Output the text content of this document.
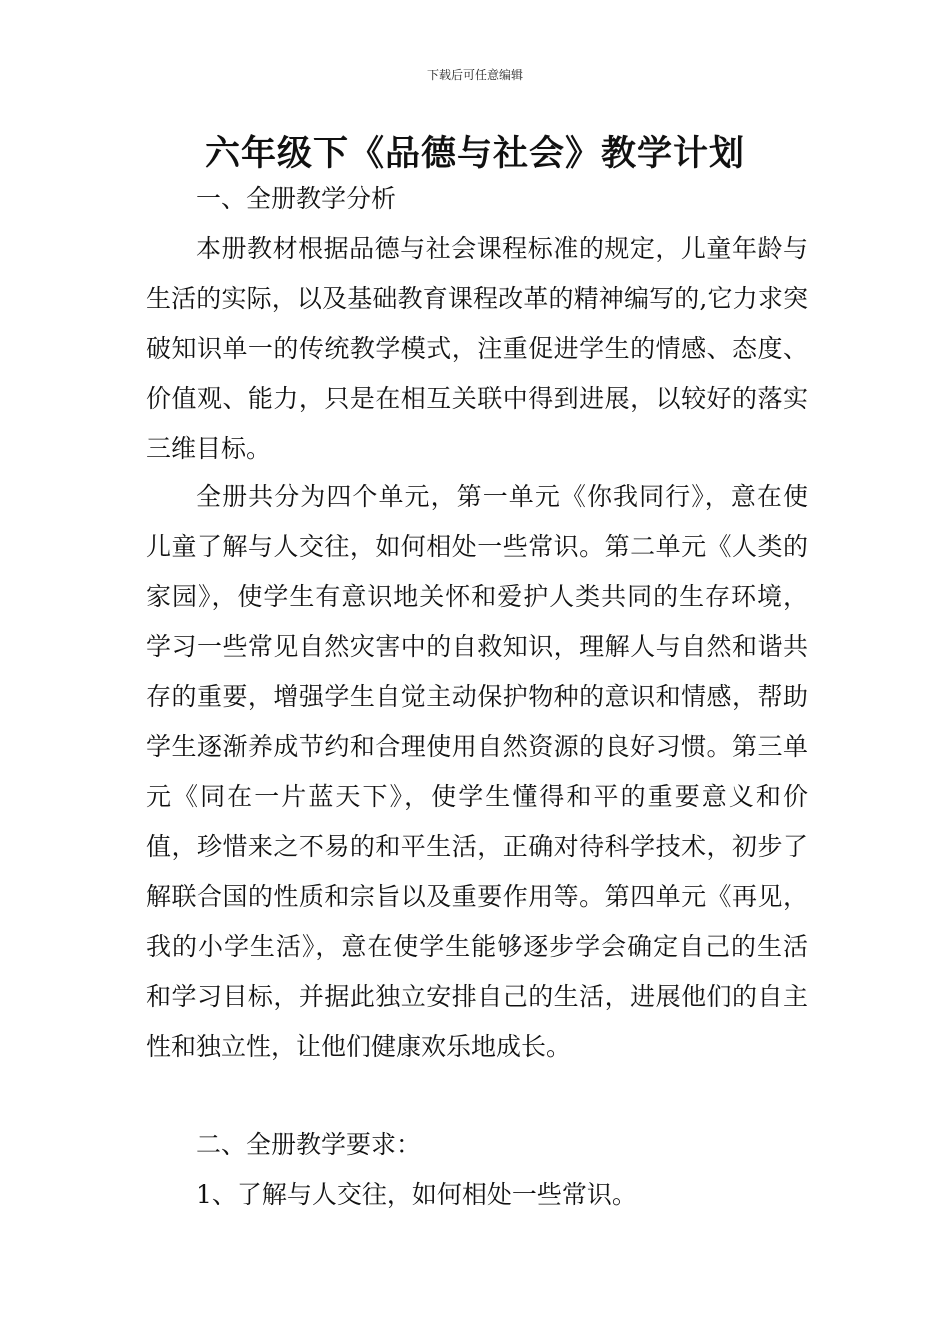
下载后可任意编辑
六年级下《品德与社会》教学计划

一、全册教学分析

本册教材根据品德与社会课程标准的规定，儿童年龄与生活的实际，以及基础教育课程改革的精神编写的,它力求突破知识单一的传统教学模式，注重促进学生的情感、态度、价值观、能力，只是在相互关联中得到进展，以较好的落实三维目标。

全册共分为四个单元，第一单元《你我同行》，意在使儿童了解与人交往，如何相处一些常识。第二单元《人类的家园》，使学生有意识地关怀和爱护人类共同的生存环境，学习一些常见自然灾害中的自救知识，理解人与自然和谐共存的重要，增强学生自觉主动保护物种的意识和情感，帮助学生逐渐养成节约和合理使用自然资源的良好习惯。第三单元《同在一片蓝天下》，使学生懂得和平的重要意义和价值，珍惜来之不易的和平生活，正确对待科学技术，初步了解联合国的性质和宗旨以及重要作用等。第四单元《再见，我的小学生活》，意在使学生能够逐步学会确定自己的生活和学习目标，并据此独立安排自己的生活，进展他们的自主性和独立性，让他们健康欢乐地成长。

二、全册教学要求：

1、了解与人交往，如何相处一些常识。
